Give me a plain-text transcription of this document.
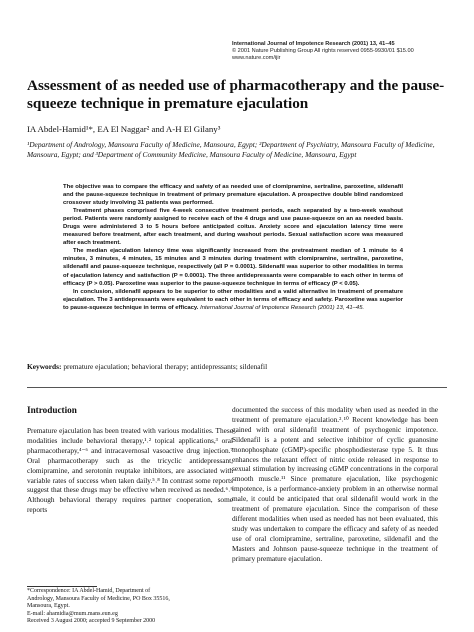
International Journal of Impotence Research (2001) 13, 41–45
© 2001 Nature Publishing Group All rights reserved 0955-9930/01 $15.00
www.nature.com/ijir
Assessment of as needed use of pharmacotherapy and the pause-squeeze technique in premature ejaculation
IA Abdel-Hamid¹*, EA El Naggar² and A-H El Gilany³
¹Department of Andrology, Mansoura Faculty of Medicine, Mansoura, Egypt; ²Department of Psychiatry, Mansoura Faculty of Medicine, Mansoura, Egypt; and ³Department of Community Medicine, Mansoura Faculty of Medicine, Mansoura, Egypt

The objective was to compare the efficacy and safety of as needed use of clomipramine, sertraline, paroxetine, sildenafil and the pause-squeeze technique in treatment of primary premature ejaculation. A prospective double blind randomized crossover study involving 31 patients was performed.

Treatment phases comprised five 4-week consecutive treatment periods, each separated by a two-week washout period. Patients were randomly assigned to receive each of the 4 drugs and use pause-squeeze on an as needed basis. Drugs were administered 3 to 5 hours before anticipated coitus. Anxiety score and ejaculation latency time were measured before treatment, after each treatment, and during washout periods. Sexual satisfaction score was measured after each treatment.

The median ejaculation latency time was significantly increased from the pretreatment median of 1 minute to 4 minutes, 3 minutes, 4 minutes, 15 minutes and 3 minutes during treatment with clomipramine, sertraline, paroxetine, sildenafil and pause-squeeze technique, respectively (all P = 0.0001). Sildenafil was superior to other modalities in terms of ejaculation latency and satisfaction (P = 0.0001). The three antidepressants were comparable to each other in terms of efficacy (P > 0.05). Paroxetine was superior to the pause-squeeze technique in terms of efficacy (P < 0.05).

In conclusion, sildenafil appears to be superior to other modalities and a valid alternative in treatment of premature ejaculation. The 3 antidepressants were equivalent to each other in terms of efficacy and safety. Paroxetine was superior to pause-squeeze technique in terms of efficacy. International Journal of Impotence Research (2001) 13, 41–45.

Keywords: premature ejaculation; behavioral therapy; antidepressants; sildenafil
Introduction

Premature ejaculation has been treated with various modalities. These modalities include behavioral therapy,¹˒² topical applications,³ oral pharmacotherapy,⁴⁻⁶ and intracavernosal vasoactive drug injection.⁷ Oral pharmacotherapy such as the tricyclic antidepressant, clomipramine, and serotonin reuptake inhibitors, are associated with variable rates of success when taken daily.⁵˒⁸ In contrast some reports suggest that these drugs may be effective when received as needed.⁶˒⁹ Although behavioral therapy requires partner cooperation, some reports

documented the success of this modality when used as needed in the treatment of premature ejaculation.²˒¹⁰ Recent knowledge has been gained with oral sildenafil treatment of psychogenic impotence. Sildenafil is a potent and selective inhibitor of cyclic guanosine monophosphate (cGMP)-specific phosphodiesterase type 5. It thus enhances the relaxant effect of nitric oxide released in response to sexual stimulation by increasing cGMP concentrations in the corporal smooth muscle.¹¹ Since premature ejaculation, like psychogenic impotence, is a performance-anxiety problem in an otherwise normal male, it could be anticipated that oral sildenafil would work in the treatment of premature ejaculation. Since the comparison of these different modalities when used as needed has not been evaluated, this study was undertaken to compare the efficacy and safety of as needed use of oral clomipramine, sertraline, paroxetine, sildenafil and the Masters and Johnson pause-squeeze technique in the treatment of primary premature ejaculation.

*Correspondence: IA Abdel-Hamid, Department of
Andrology, Mansoura Faculty of Medicine, PO Box 35516,
Mansoura, Egypt.
E-mail: ahamidia@mum.mans.eun.eg
Received 3 August 2000; accepted 9 September 2000
